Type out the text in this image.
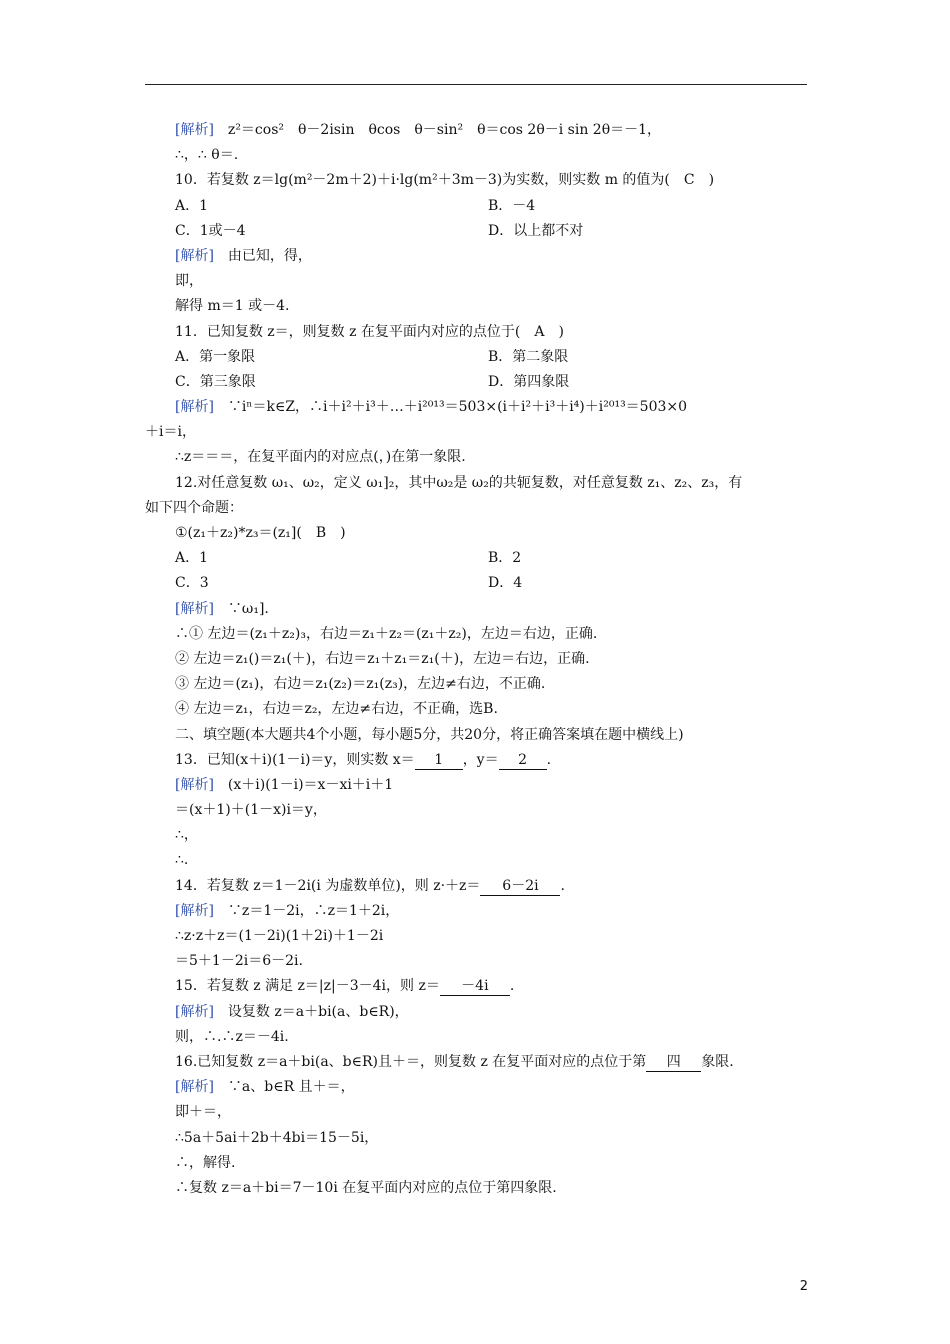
[解析]　z²＝cos²　θ－2isin　θcos　θ－sin²　θ＝cos 2θ－i sin 2θ＝－1，
∴，∴ θ＝.
10．若复数 z＝lg(m²－2m＋2)＋i·lg(m²＋3m－3)为实数，则实数 m 的值为(　C　)
A．1	B．－4
C．1或－4	D．以上都不对
[解析]　由已知，得，
即，
解得 m＝1 或－4.
11．已知复数 z＝，则复数 z 在复平面内对应的点位于(　A　)
A．第一象限	B．第二象限
C．第三象限	D．第四象限
[解析]　∵iⁿ＝k∈Z，∴i＋i²＋i³＋…＋i²⁰¹³＝503×(i＋i²＋i³＋i⁴)＋i²⁰¹³＝503×0
＋i＝i，
∴z＝＝＝，在复平面内的对应点(，)在第一象限.
12.对任意复数 ω₁、ω₂，定义 ω₁]₂，其中ω₂是 ω₂的共轭复数，对任意复数 z₁、z₂、z₃，有
如下四个命题：
①(z₁＋z₂)*z₃＝(z₁](　B　)
A．1	B．2
C．3	D．4
[解析]　∵ω₁].
∴① 左边＝(z₁＋z₂)₃，右边＝z₁＋z₂＝(z₁＋z₂)，左边＝右边，正确.
② 左边＝z₁()＝z₁(＋)，右边＝z₁＋z₁＝z₁(＋)，左边＝右边，正确.
③ 左边＝(z₁)，右边＝z₁(z₂)＝z₁(z₃)，左边≠右边，不正确.
④ 左边＝z₁，右边＝z₂，左边≠右边，不正确，选B.
二、填空题(本大题共4个小题，每小题5分，共20分，将正确答案填在题中横线上)
13．已知(x＋i)(1－i)＝y，则实数 x＝ 1 ，y＝ 2 .
[解析]　(x＋i)(1－i)＝x－xi＋i＋1
＝(x＋1)＋(1－x)i＝y，
∴，
∴.
14．若复数 z＝1－2i(i 为虚数单位)，则 z·＋z＝ 6－2i .
[解析]　∵z＝1－2i，∴z＝1＋2i，
∴z·z＋z＝(1－2i)(1＋2i)＋1－2i
＝5＋1－2i＝6－2i.
15．若复数 z 满足 z＝|z|－3－4i，则 z＝ －4i .
[解析]　设复数 z＝a＋bi(a、b∈R)，
则，∴.∴z＝－4i.
16.已知复数 z＝a＋bi(a、b∈R)且＋＝，则复数 z 在复平面对应的点位于第 四 象限.
[解析]　∵a、b∈R 且＋＝，
即＋＝，
∴5a＋5ai＋2b＋4bi＝15－5i，
∴，解得.
∴复数 z＝a＋bi＝7－10i 在复平面内对应的点位于第四象限.
2
